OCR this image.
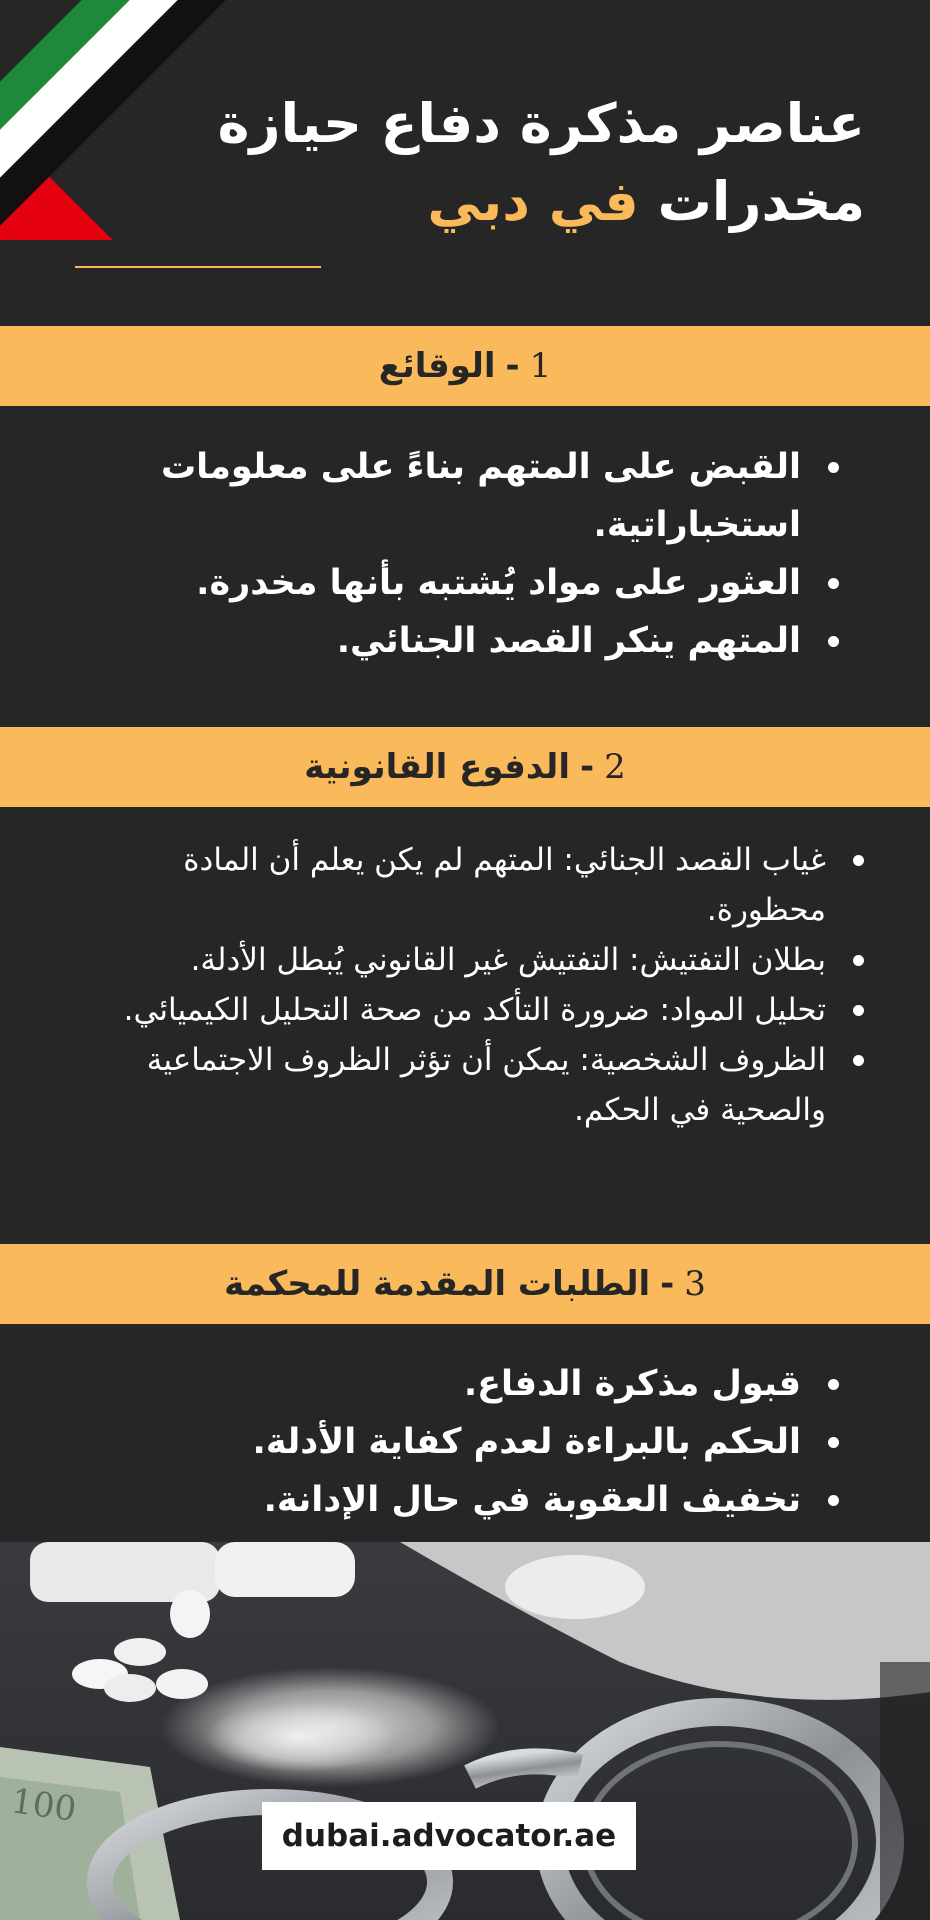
عناصر مذكرة دفاع حيازة
مخدرات في دبي
1
-
الوقائع
القبض على المتهم بناءً على معلومات استخباراتية.
العثور على مواد يُشتبه بأنها مخدرة.
المتهم ينكر القصد الجنائي.
2
-
الدفوع القانونية
غياب القصد الجنائي: المتهم لم يكن يعلم أن المادة محظورة.
بطلان التفتيش: التفتيش غير القانوني يُبطل الأدلة.
تحليل المواد: ضرورة التأكد من صحة التحليل الكيميائي.
الظروف الشخصية: يمكن أن تؤثر الظروف الاجتماعية والصحية في الحكم.
3
-
الطلبات المقدمة للمحكمة
قبول مذكرة الدفاع.
الحكم بالبراءة لعدم كفاية الأدلة.
تخفيف العقوبة في حال الإدانة.
100
dubai.advocator.ae
